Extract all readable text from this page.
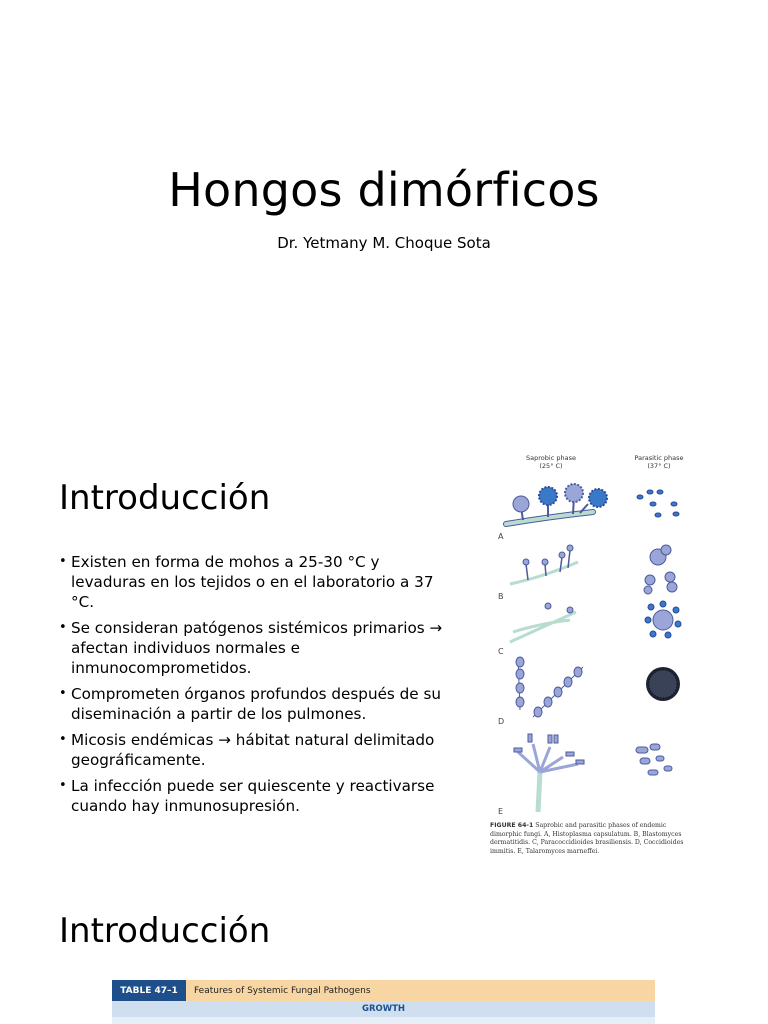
Hongos dimórficos
Dr. Yetmany M. Choque Sota
Introducción
• Existen en forma de mohos a 25-30 °C y levaduras en los tejidos o en el laboratorio a 37 °C.
• Se consideran patógenos sistémicos primarios → afectan individuos normales e inmunocomprometidos.
• Comprometen órganos profundos después de su diseminación a partir de los pulmones.
• Micosis endémicas → hábitat natural delimitado geográficamente.
• La infección puede ser quiescente y reactivarse cuando hay inmunosupresión.
Saprobic phase
(25° C)
Parasitic phase
(37° C)
A
B
C
D
E
FIGURE 64-1 Saprobic and parasitic phases of endemic dimorphic fungi. A, Histoplasma capsulatum. B, Blastomyces dermatitidis. C, Paracoccidioides brasiliensis. D, Coccidioides immitis. E, Talaromyces marneffei.
Introducción
TABLE 47–1	Features of Systemic Fungal Pathogens
GROWTH
